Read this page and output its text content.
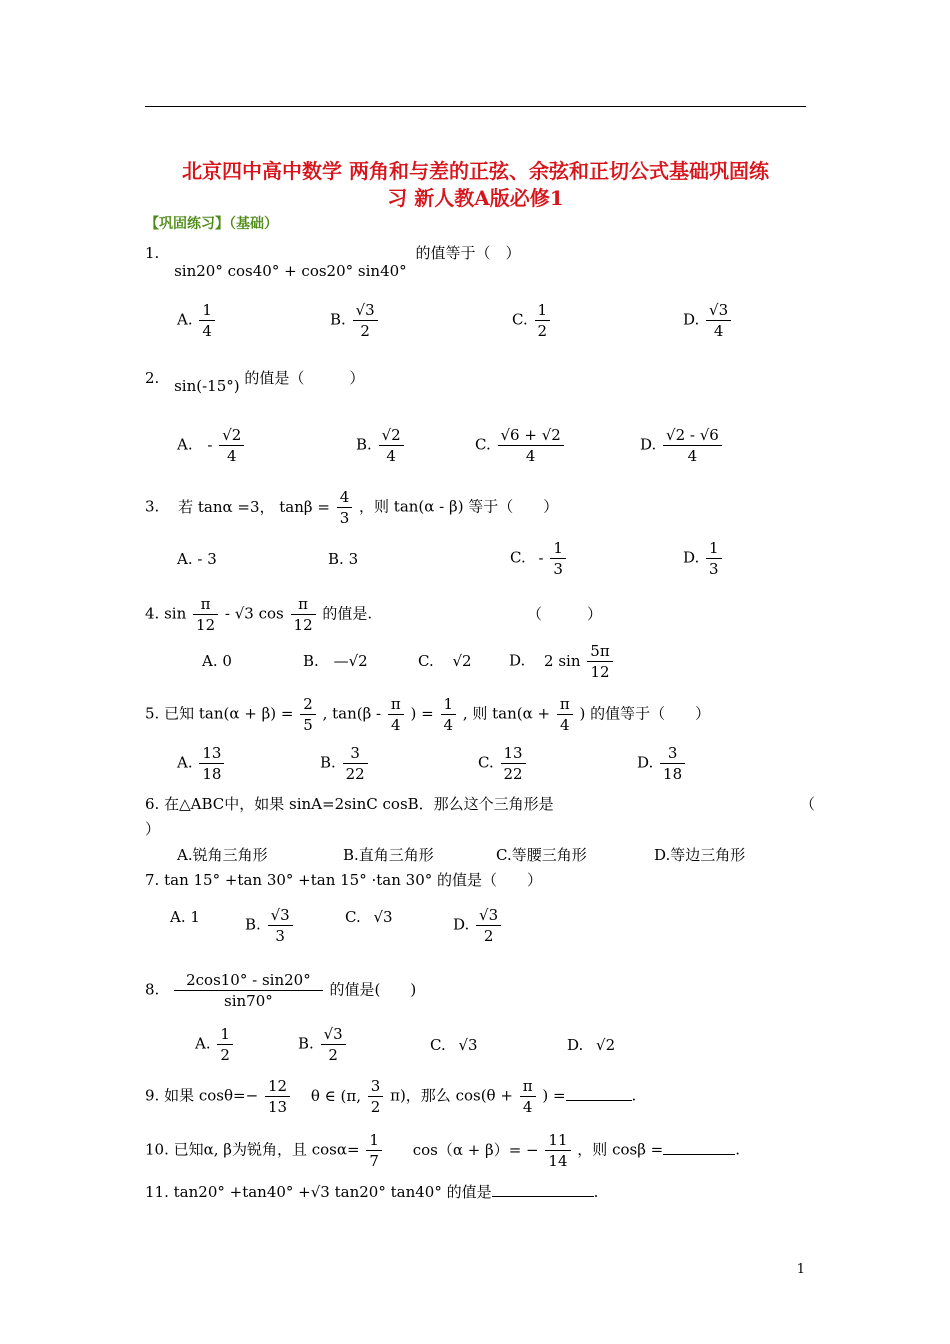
北京四中高中数学 两角和与差的正弦、余弦和正切公式基础巩固练
习 新人教A版必修1
【巩固练习】（基础）
1. sin20° cos40° + cos20° sin40° 的值等于（　）
A. $\frac{1}{4}$	B. $\frac{√3}{2}$	C. $\frac{1}{2}$	D. $\frac{√3}{4}$
2. sin(-15°) 的值是（　　　）
A. - $\frac{√2}{4}$	B. $\frac{√2}{4}$	C. $\frac{√6 + √2}{4}$	D. $\frac{√2 - √6}{4}$
3. 若 tanα =3， $\tan\beta = \frac{4}{3}$ ，则 tan(α - β) 等于（　　）
A. - 3	B. 3	C. - $\frac{1}{3}$	D. $\frac{1}{3}$
4. $\sin \frac{\pi}{12} - √3$ $\cos \frac{\pi}{12}$ 的值是.	（　　　）
A. 0	B. —√2	C. √2 D. 2 $\sin \frac{5\pi}{12}$
5. 已知 $\tan(\alpha + \beta) = \frac{2}{5}$ , $\tan(\beta - \frac{\pi}{4}$ ) = $\frac{1}{4}$ , 则 $\tan(\alpha + \frac{\pi}{4}$ ) 的值等于（　　）
A. $\frac{13}{18}$	B. $\frac{3}{22}$	C. $\frac{13}{22}$	D. $\frac{3}{18}$
6. 在△ABC中，如果 sinA=2sinC cosB．那么这个三角形是	（
）
A.锐角三角形	B.直角三角形	C.等腰三角形	D.等边三角形
7. tan 15° +tan 30° +tan 15° ·tan 30° 的值是（　　）
A. 1	B. $\frac{√3}{3}$	C. √3	D. $\frac{√3}{2}$
8. $\frac{2\cos 10^\circ - \sin 20^\circ}{\sin 70^\circ}$ 的值是(　　)
A. $\frac{1}{2}$	B. $\frac{√3}{2}$	C. √3	D. √2
9. 如果 $\cos\theta=- \frac{12}{13}$ θ ∈ (π, $\frac{3}{2} \pi$)，那么 $\cos(\theta + \frac{\pi}{4}$ ) =	.
10. 已知α, β为锐角，且 $\cos\alpha= \frac{1}{7} \cos(\alpha + \beta)= - \frac{11}{14}$ ，则 cosβ =	.
11. tan20° +tan40° +√3 tan20° tan40° 的值是	.
1
